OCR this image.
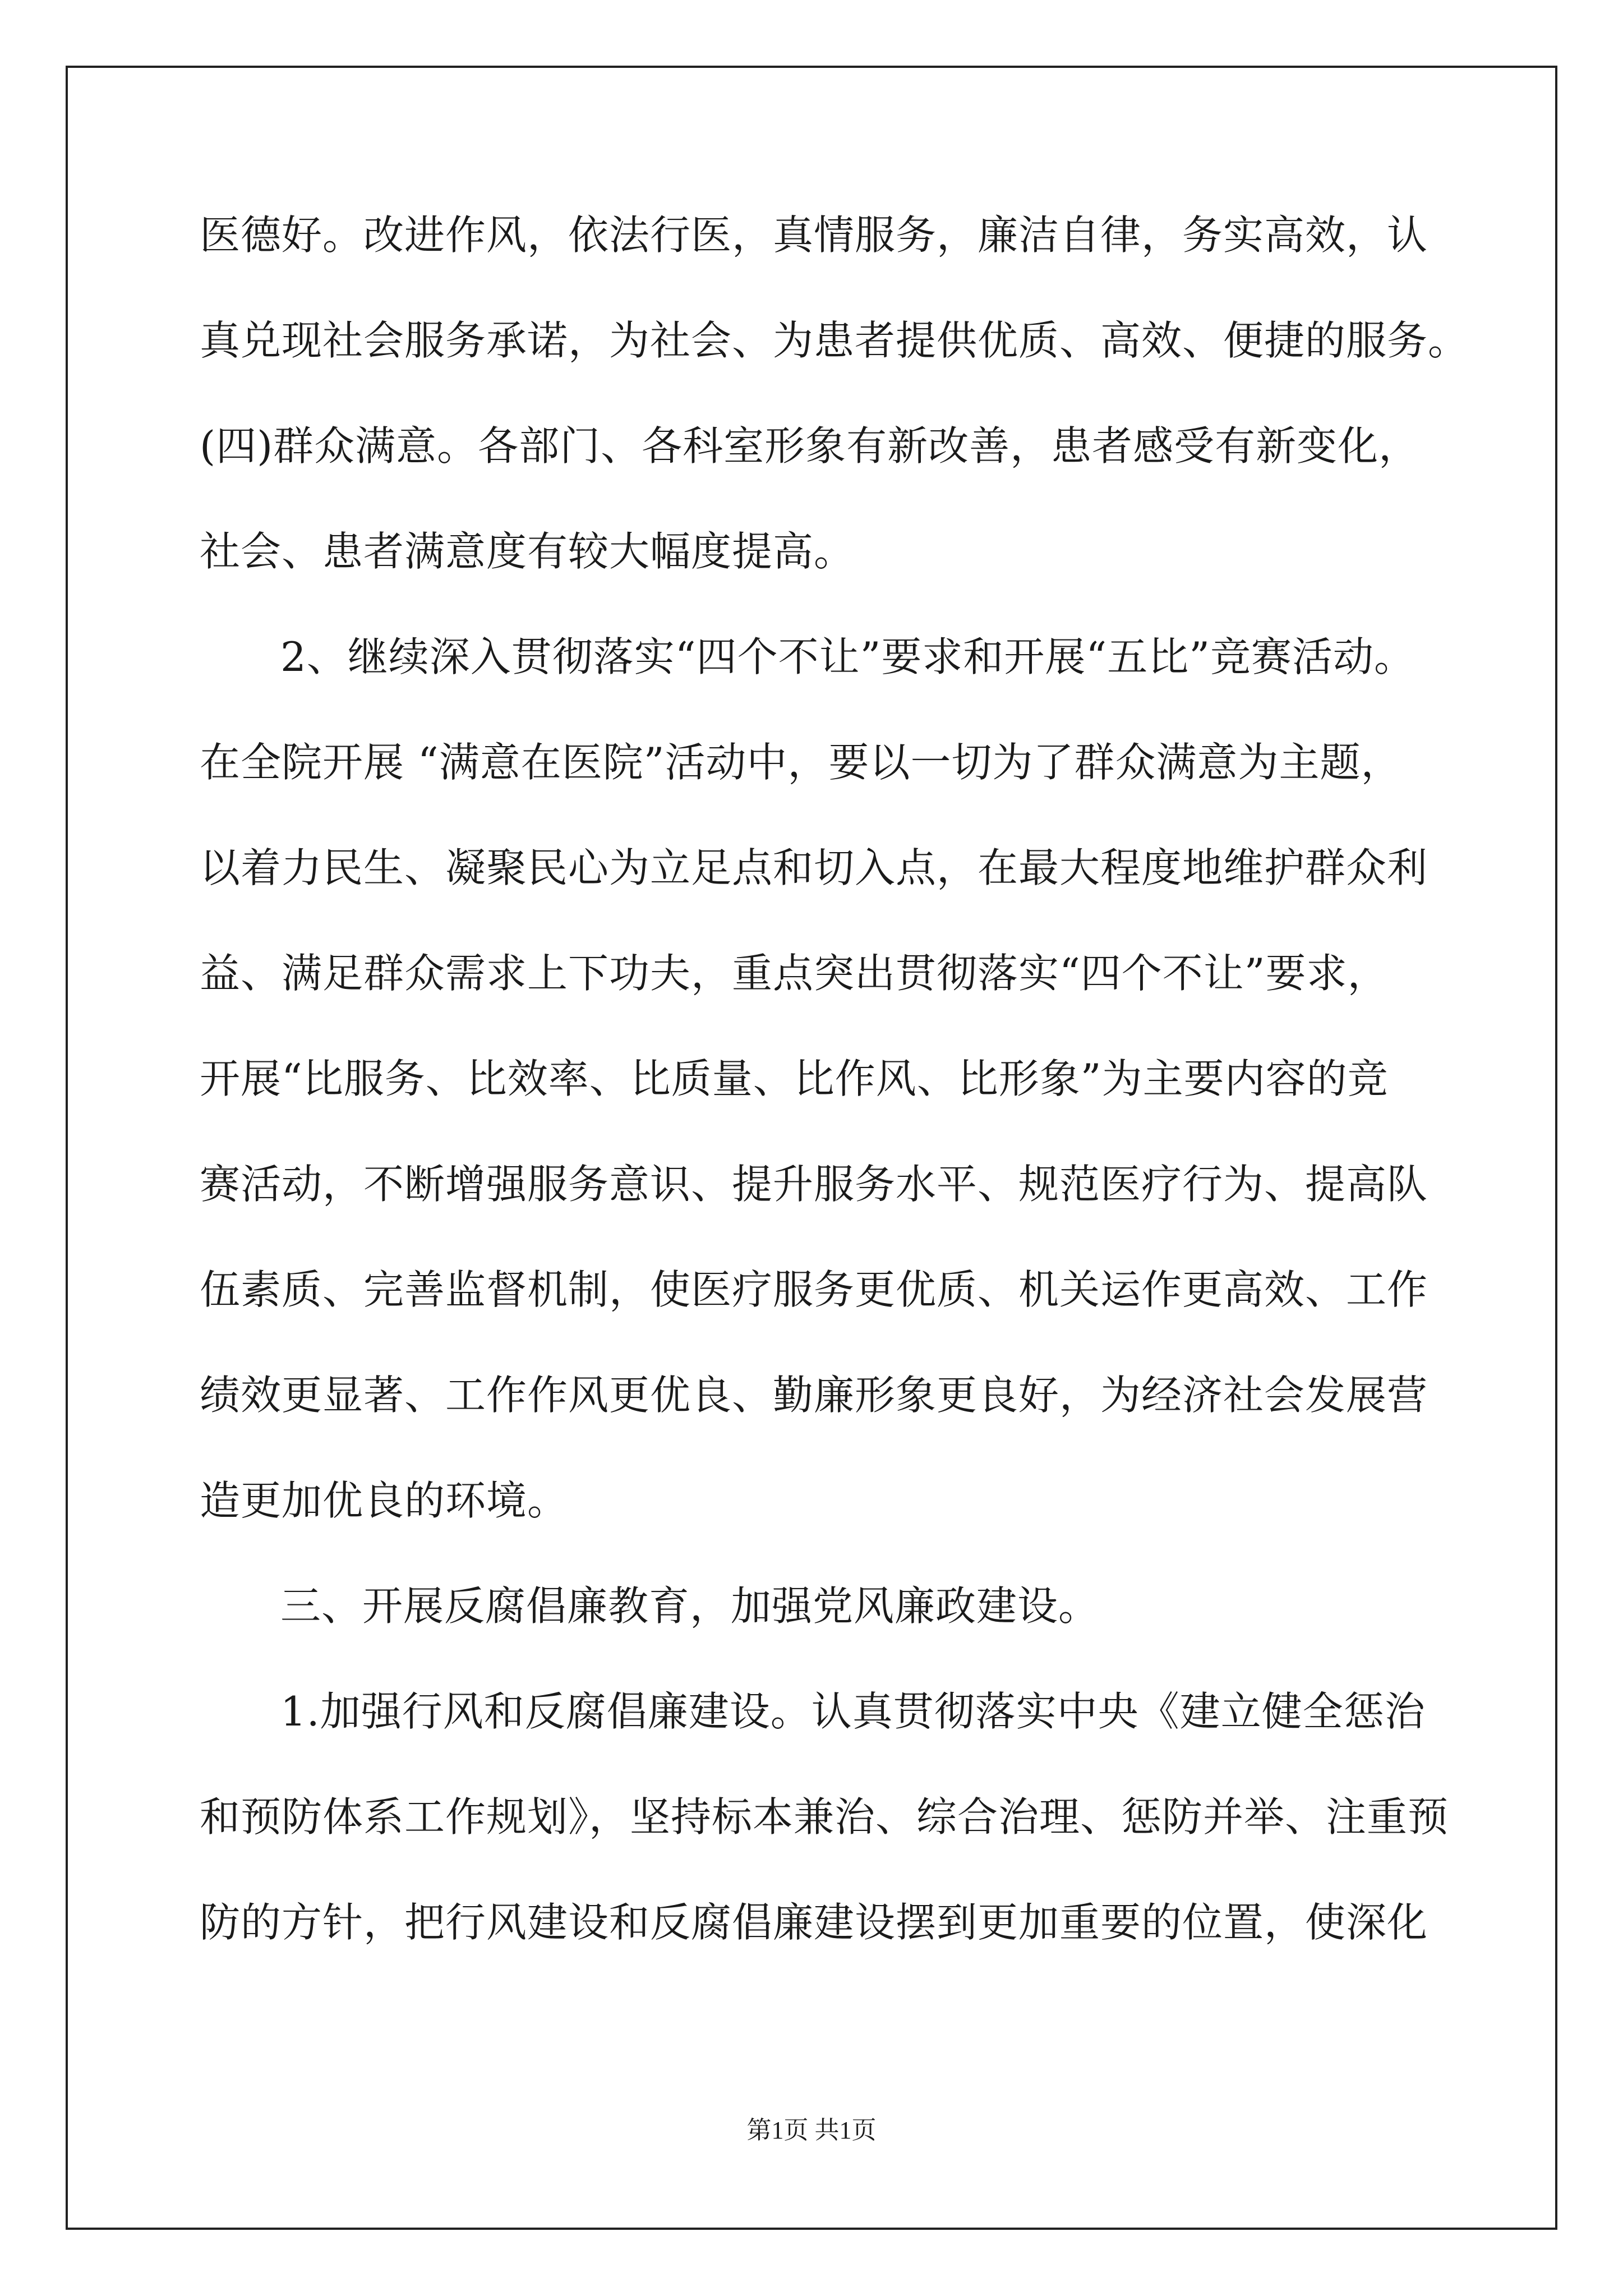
医德好。改进作风，依法行医，真情服务，廉洁自律，务实高效，认
真兑现社会服务承诺，为社会、为患者提供优质、高效、便捷的服务。
(四)群众满意。各部门、各科室形象有新改善，患者感受有新变化，
社会、患者满意度有较大幅度提高。
2、继续深入贯彻落实“四个不让”要求和开展“五比”竞赛活动。
在全院开展 “满意在医院”活动中，要以一切为了群众满意为主题，
以着力民生、凝聚民心为立足点和切入点，在最大程度地维护群众利
益、满足群众需求上下功夫，重点突出贯彻落实“四个不让”要求，
开展“比服务、比效率、比质量、比作风、比形象”为主要内容的竞
赛活动，不断增强服务意识、提升服务水平、规范医疗行为、提高队
伍素质、完善监督机制，使医疗服务更优质、机关运作更高效、工作
绩效更显著、工作作风更优良、勤廉形象更良好，为经济社会发展营
造更加优良的环境。
三、开展反腐倡廉教育，加强党风廉政建设。
1.加强行风和反腐倡廉建设。认真贯彻落实中央《建立健全惩治
和预防体系工作规划》，坚持标本兼治、综合治理、惩防并举、注重预
防的方针，把行风建设和反腐倡廉建设摆到更加重要的位置，使深化
第1页 共1页
